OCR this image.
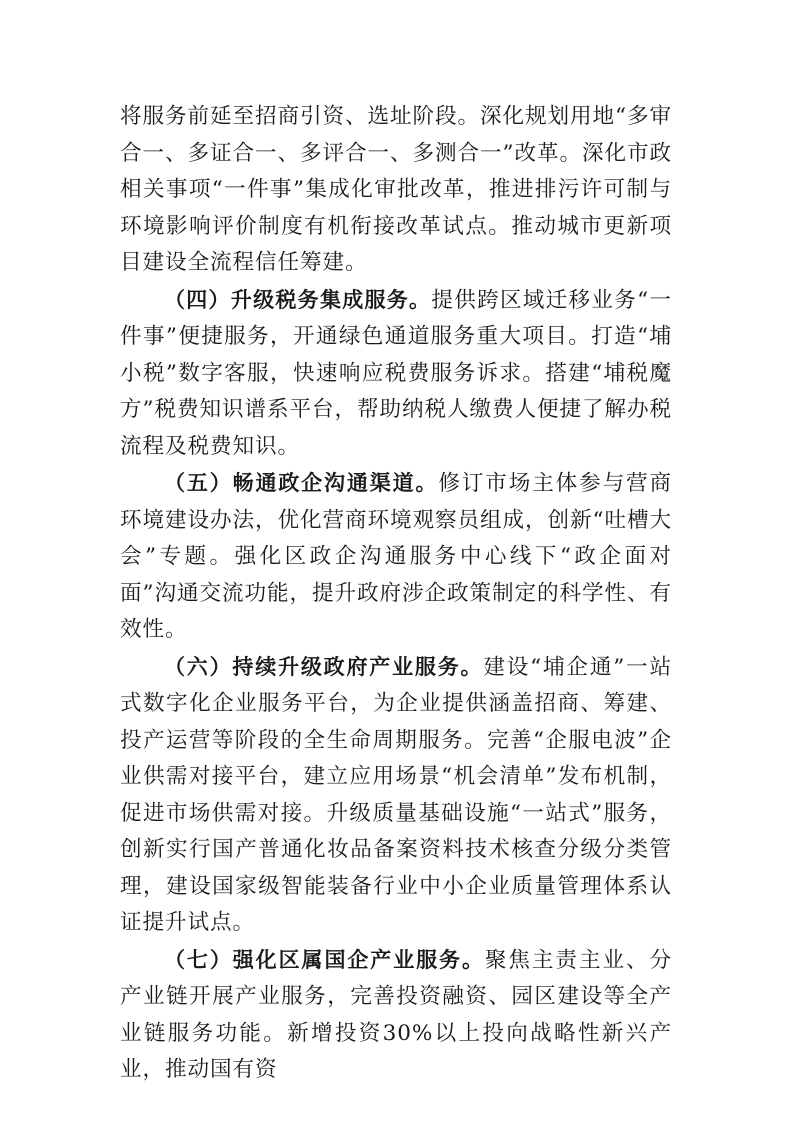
将服务前延至招商引资、选址阶段。深化规划用地“多审合一、多证合一、多评合一、多测合一”改革。深化市政相关事项“一件事”集成化审批改革，推进排污许可制与环境影响评价制度有机衔接改革试点。推动城市更新项目建设全流程信任筹建。

（四）升级税务集成服务。提供跨区域迁移业务“一件事”便捷服务，开通绿色通道服务重大项目。打造“埔小税”数字客服，快速响应税费服务诉求。搭建“埔税魔方”税费知识谱系平台，帮助纳税人缴费人便捷了解办税流程及税费知识。

（五）畅通政企沟通渠道。修订市场主体参与营商环境建设办法，优化营商环境观察员组成，创新“吐槽大会”专题。强化区政企沟通服务中心线下“政企面对面”沟通交流功能，提升政府涉企政策制定的科学性、有效性。

（六）持续升级政府产业服务。建设“埔企通”一站式数字化企业服务平台，为企业提供涵盖招商、筹建、投产运营等阶段的全生命周期服务。完善“企服电波”企业供需对接平台，建立应用场景“机会清单”发布机制，促进市场供需对接。升级质量基础设施“一站式”服务，创新实行国产普通化妆品备案资料技术核查分级分类管理，建设国家级智能装备行业中小企业质量管理体系认证提升试点。

（七）强化区属国企产业服务。聚焦主责主业、分产业链开展产业服务，完善投资融资、园区建设等全产业链服务功能。新增投资30%以上投向战略性新兴产业，推动国有资
